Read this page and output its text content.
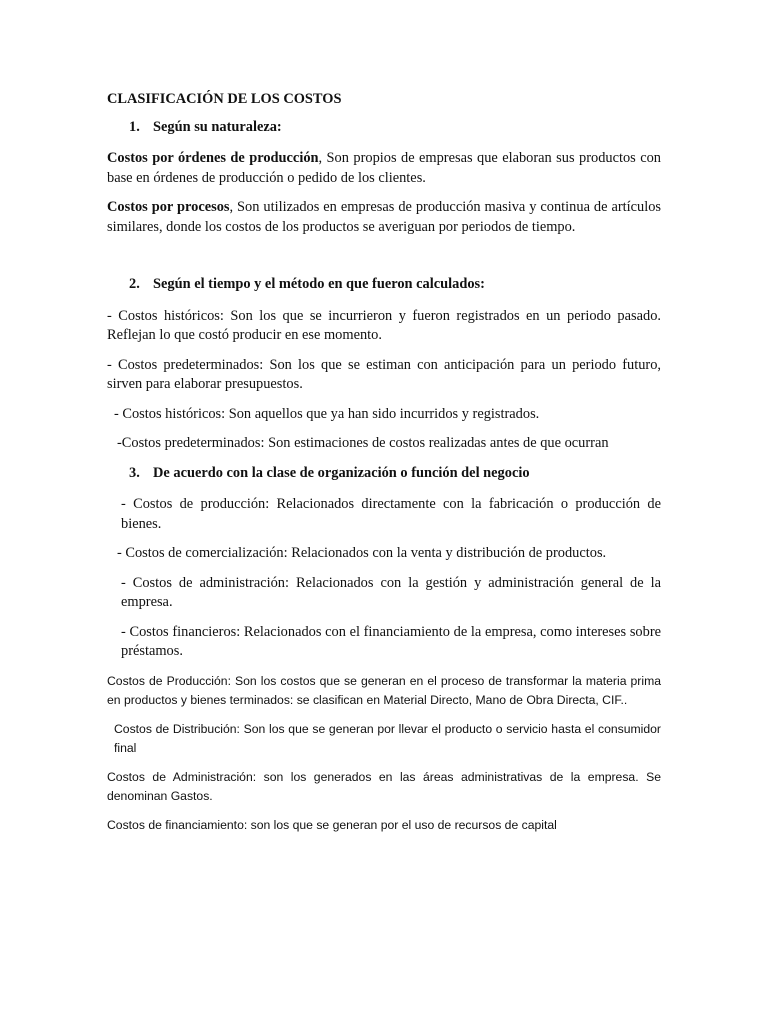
CLASIFICACIÓN DE LOS COSTOS
1. Según su naturaleza:
Costos por órdenes de producción, Son propios de empresas que elaboran sus productos con base en órdenes de producción o pedido de los clientes.
Costos por procesos, Son utilizados en empresas de producción masiva y continua de artículos similares, donde los costos de los productos se averiguan por periodos de tiempo.
2. Según el tiempo y el método en que fueron calculados:
- Costos históricos: Son los que se incurrieron y fueron registrados en un periodo pasado. Reflejan lo que costó producir en ese momento.
- Costos predeterminados: Son los que se estiman con anticipación para un periodo futuro, sirven para elaborar presupuestos.
- Costos históricos: Son aquellos que ya han sido incurridos y registrados.
-Costos predeterminados: Son estimaciones de costos realizadas antes de que ocurran
3. De acuerdo con la clase de organización o función del negocio
- Costos de producción: Relacionados directamente con la fabricación o producción de bienes.
- Costos de comercialización: Relacionados con la venta y distribución de productos.
- Costos de administración: Relacionados con la gestión y administración general de la empresa.
- Costos financieros: Relacionados con el financiamiento de la empresa, como intereses sobre préstamos.
Costos de Producción: Son los costos que se generan en el proceso de transformar la materia prima en productos y bienes terminados: se clasifican en Material Directo, Mano de Obra Directa, CIF..
Costos de Distribución: Son los que se generan por llevar el producto o servicio hasta el consumidor final
Costos de Administración: son los generados en las áreas administrativas de la empresa. Se denominan Gastos.
Costos de financiamiento: son los que se generan por el uso de recursos de capital
